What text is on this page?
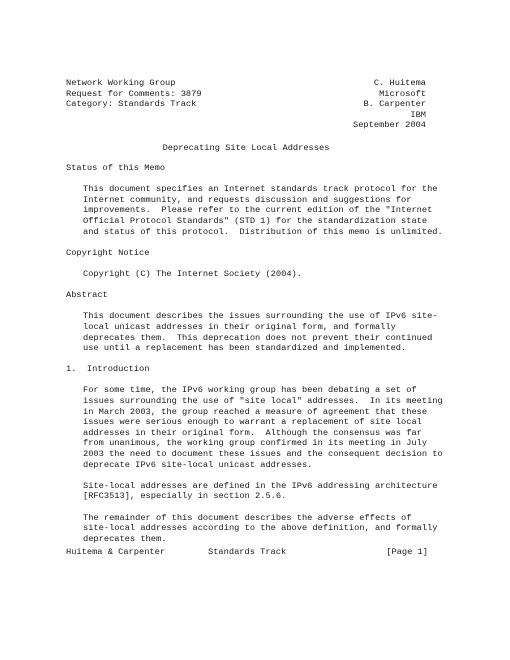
Network Working Group	C. Huitema
Request for Comments: 3879	Microsoft
Category: Standards Track	B. Carpenter
IBM
September 2004
Deprecating Site Local Addresses
Status of this Memo
This document specifies an Internet standards track protocol for the
Internet community, and requests discussion and suggestions for
improvements.  Please refer to the current edition of the "Internet
Official Protocol Standards" (STD 1) for the standardization state
and status of this protocol.  Distribution of this memo is unlimited.
Copyright Notice
Copyright (C) The Internet Society (2004).
Abstract
This document describes the issues surrounding the use of IPv6 site-
local unicast addresses in their original form, and formally
deprecates them.  This deprecation does not prevent their continued
use until a replacement has been standardized and implemented.
1.  Introduction
For some time, the IPv6 working group has been debating a set of
issues surrounding the use of "site local" addresses.  In its meeting
in March 2003, the group reached a measure of agreement that these
issues were serious enough to warrant a replacement of site local
addresses in their original form.  Although the consensus was far
from unanimous, the working group confirmed in its meeting in July
2003 the need to document these issues and the consequent decision to
deprecate IPv6 site-local unicast addresses.
Site-local addresses are defined in the IPv6 addressing architecture
[RFC3513], especially in section 2.5.6.
The remainder of this document describes the adverse effects of
site-local addresses according to the above definition, and formally
deprecates them.
Huitema & Carpenter	Standards Track	[Page 1]
